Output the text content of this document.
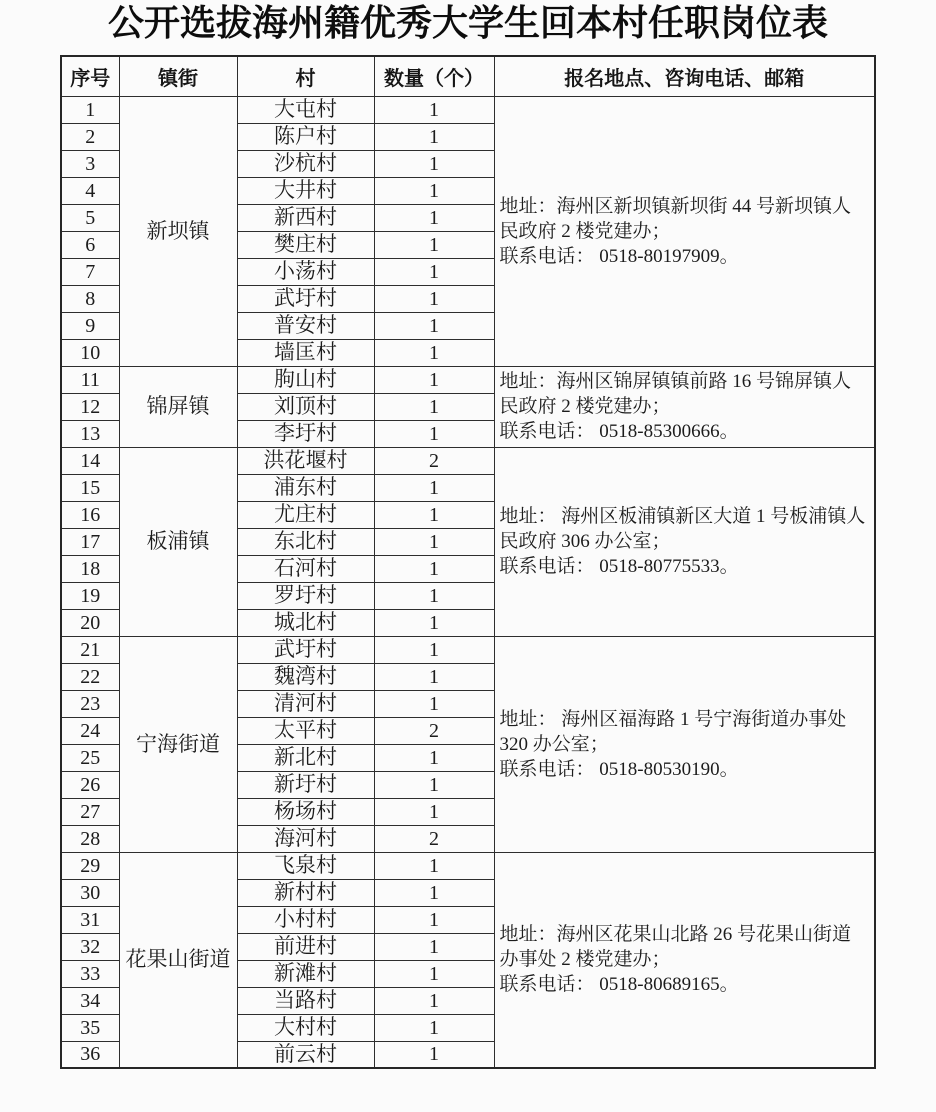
公开选拔海州籍优秀大学生回本村任职岗位表
序号	镇街	村	数量（个）	报名地点、咨询电话、邮箱
1	新坝镇	大屯村	1	地址：海州区新坝镇新坝街 44 号新坝镇人民政府 2 楼党建办；
联系电话： 0518-80197909。

2		陈户村	1	
3		沙杭村	1	
4		大井村	1	
5		新西村	1	
6		樊庄村	1	
7		小荡村	1	
8		武圩村	1	
9		普安村	1	
10		墙匡村	1	
11	锦屏镇	朐山村	1	地址：海州区锦屏镇镇前路 16 号锦屏镇人民政府 2 楼党建办；
联系电话： 0518-85300666。

12		刘顶村	1	
13		李圩村	1	
14	板浦镇	洪花堰村	2	地址： 海州区板浦镇新区大道 1 号板浦镇人民政府 306 办公室；
联系电话： 0518-80775533。

15		浦东村	1	
16		尤庄村	1	
17		东北村	1	
18		石河村	1	
19		罗圩村	1	
20		城北村	1	
21	宁海街道	武圩村	1	地址： 海州区福海路 1 号宁海街道办事处 320 办公室；
联系电话： 0518-80530190。

22		魏湾村	1	
23		清河村	1	
24		太平村	2	
25		新北村	1	
26		新圩村	1	
27		杨场村	1	
28		海河村	2	
29	花果山街道	飞泉村	1	地址：海州区花果山北路 26 号花果山街道办事处 2 楼党建办；
联系电话： 0518-80689165。

30		新村村	1	
31		小村村	1	
32		前进村	1	
33		新滩村	1	
34		当路村	1	
35		大村村	1	
36		前云村	1	
